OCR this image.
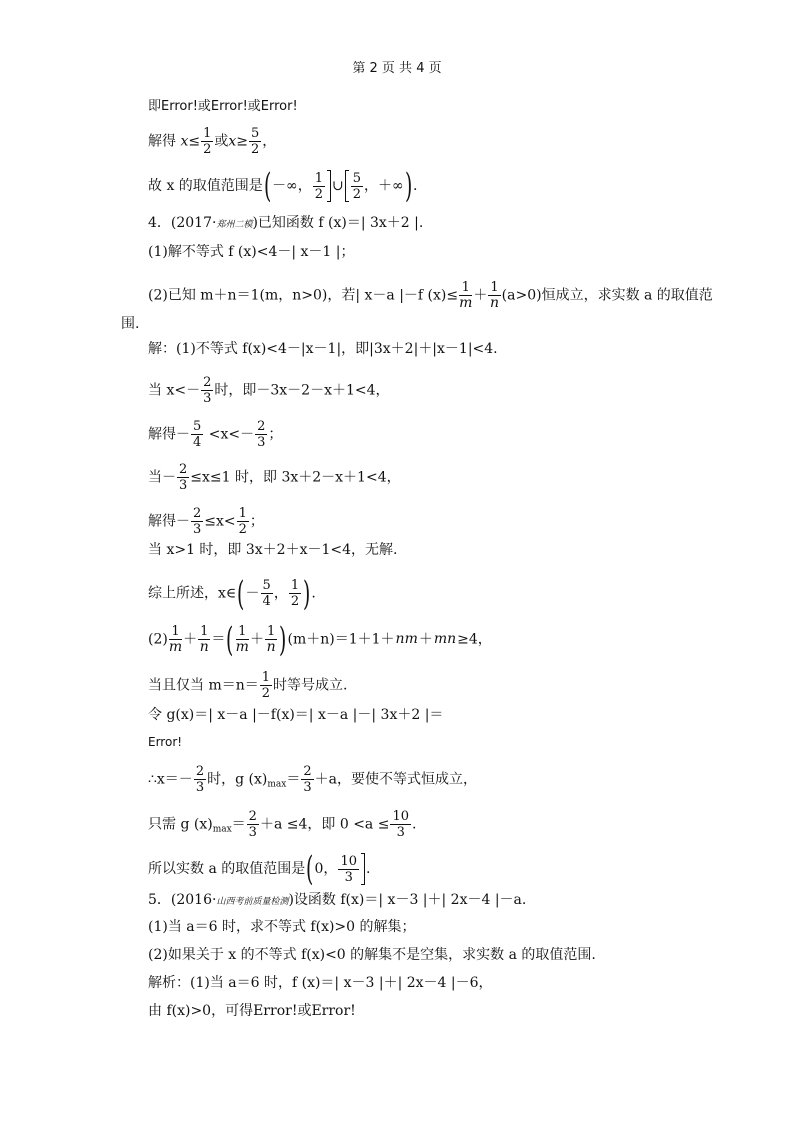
第 2 页 共 4 页
即Error!或Error!或Error!
解得 $x\le \frac{1}{2}$ 或$x\ge \frac{5}{2}$ ，
故 x 的取值范围是(－∞， $\frac{1}{2}$ ∪ $\frac{5}{2}$ ，＋∞).
4．(2017·郑州二模)已知函数 f (x)＝| 3x＋2 |.
(1)解不等式 f (x)<4－| x－1 |；
(2)已知 m＋n＝1(m，n>0)，若| x－a |－f $(x)\le \frac{1}{m}+ \frac{1}{n}(a>0)$恒成立，求实数 a 的取值范
围.
解：(1)不等式 f(x)<4－|x－1|，即|3x＋2|＋|x－1|<4.
当 $x<- \frac{2}{3}$ 时，即－3x－2－x＋1<4，
解得－ $\frac{5}{4} <x<- \frac{2}{3}$ ；
当－ $\frac{2}{3} \le x\le 1$ 时，即 3x＋2－x＋1<4，
解得－ $\frac{2}{3} \le x< \frac{1}{2}$ ；
当 x>1 时，即 3x＋2＋x－1<4，无解.
综上所述，x∈(－ $\frac{5}{4}$ ， $\frac{1}{2}$ ).
$(2) \frac{1}{m}+ \frac{1}{n}=( \frac{1}{m}+ \frac{1}{n})(m+n)=1+1+nm+mn\ge 4$，
当且仅当 $m=n= \frac{1}{2}$ 时等号成立.
令 g(x)＝| x－a |－f(x)＝| x－a |－| 3x＋2 |＝
Error!
∴x＝－ $\frac{2}{3}$ 时，g $(x)_{max}= \frac{2}{3} +a$，要使不等式恒成立，
只需 g $(x)_{max}= \frac{2}{3} +a \le 4$，即 $0 <a \le \frac{10}{3}$ .
所以实数 a 的取值范围是(0， $\frac{10}{3}$ .
5．(2016·山西考前质量检测)设函数 f(x)＝| x－3 |＋| 2x－4 |－a.
(1)当 a＝6 时，求不等式 f(x)>0 的解集；
(2)如果关于 x 的不等式 f(x)<0 的解集不是空集，求实数 a 的取值范围.
解析：(1)当 a＝6 时，f (x)＝| x－3 |＋| 2x－4 |－6，
由 f(x)>0，可得Error!或Error!
